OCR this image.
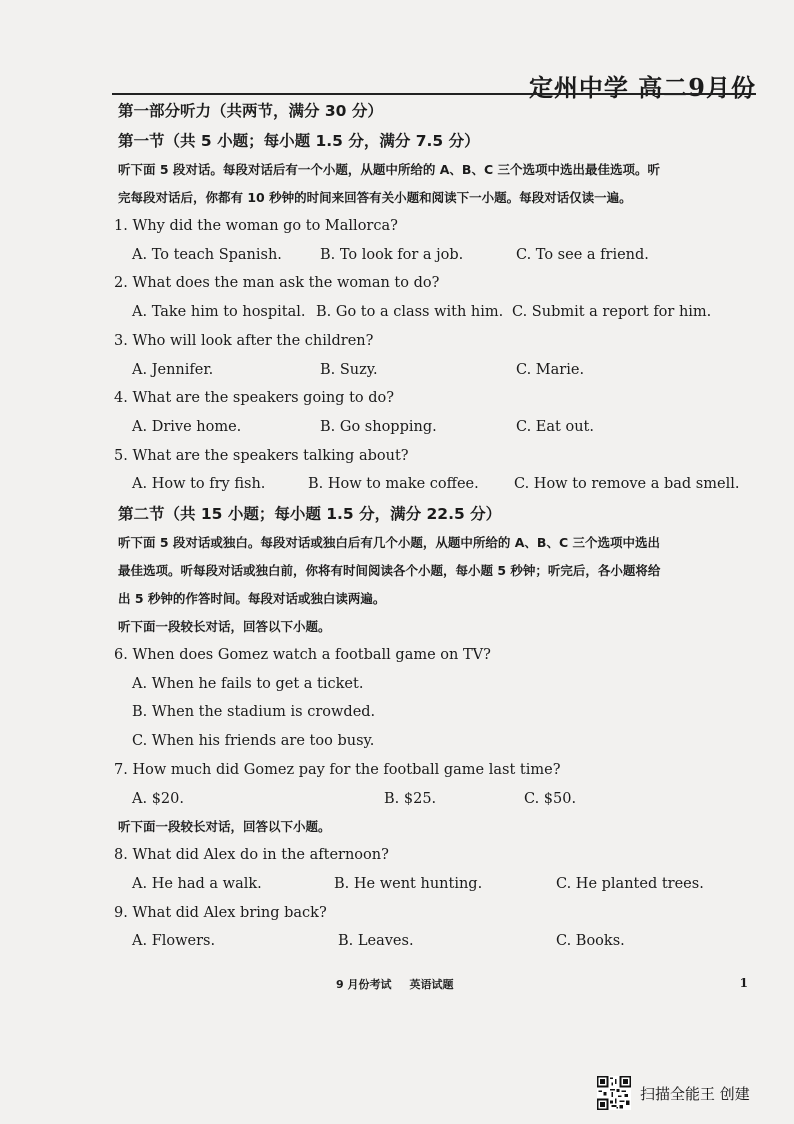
定州中学 高二9月份
第一部分听力（共两节，满分 30 分）
第一节（共 5 小题；每小题 1.5 分，满分 7.5 分）
听下面 5 段对话。每段对话后有一个小题，从题中所给的 A、B、C 三个选项中选出最佳选项。听
完每段对话后，你都有 10 秒钟的时间来回答有关小题和阅读下一小题。每段对话仅读一遍。
1. Why did the woman go to Mallorca?
A. To teach Spanish.	B. To look for a job.	C. To see a friend.
2. What does the man ask the woman to do?
A. Take him to hospital. B. Go to a class with him. C. Submit a report for him.
3. Who will look after the children?
A. Jennifer.	B. Suzy.	C. Marie.
4. What are the speakers going to do?
A. Drive home.	B. Go shopping.	C. Eat out.
5. What are the speakers talking about?
A. How to fry fish.	B. How to make coffee.	C. How to remove a bad smell.
第二节（共 15 小题；每小题 1.5 分，满分 22.5 分）
听下面 5 段对话或独白。每段对话或独白后有几个小题，从题中所给的 A、B、C 三个选项中选出
最佳选项。听每段对话或独白前，你将有时间阅读各个小题，每小题 5 秒钟；听完后，各小题将给
出 5 秒钟的作答时间。每段对话或独白读两遍。
听下面一段较长对话，回答以下小题。
6. When does Gomez watch a football game on TV?
A. When he fails to get a ticket.
B. When the stadium is crowded.
C. When his friends are too busy.
7. How much did Gomez pay for the football game last time?
A. $20.	B. $25.	C. $50.
听下面一段较长对话，回答以下小题。
8. What did Alex do in the afternoon?
A. He had a walk.	B. He went hunting.	C. He planted trees.
9. What did Alex bring back?
A. Flowers.	B. Leaves.	C. Books.
9 月份考试 英语试题	1
扫描全能王 创建
